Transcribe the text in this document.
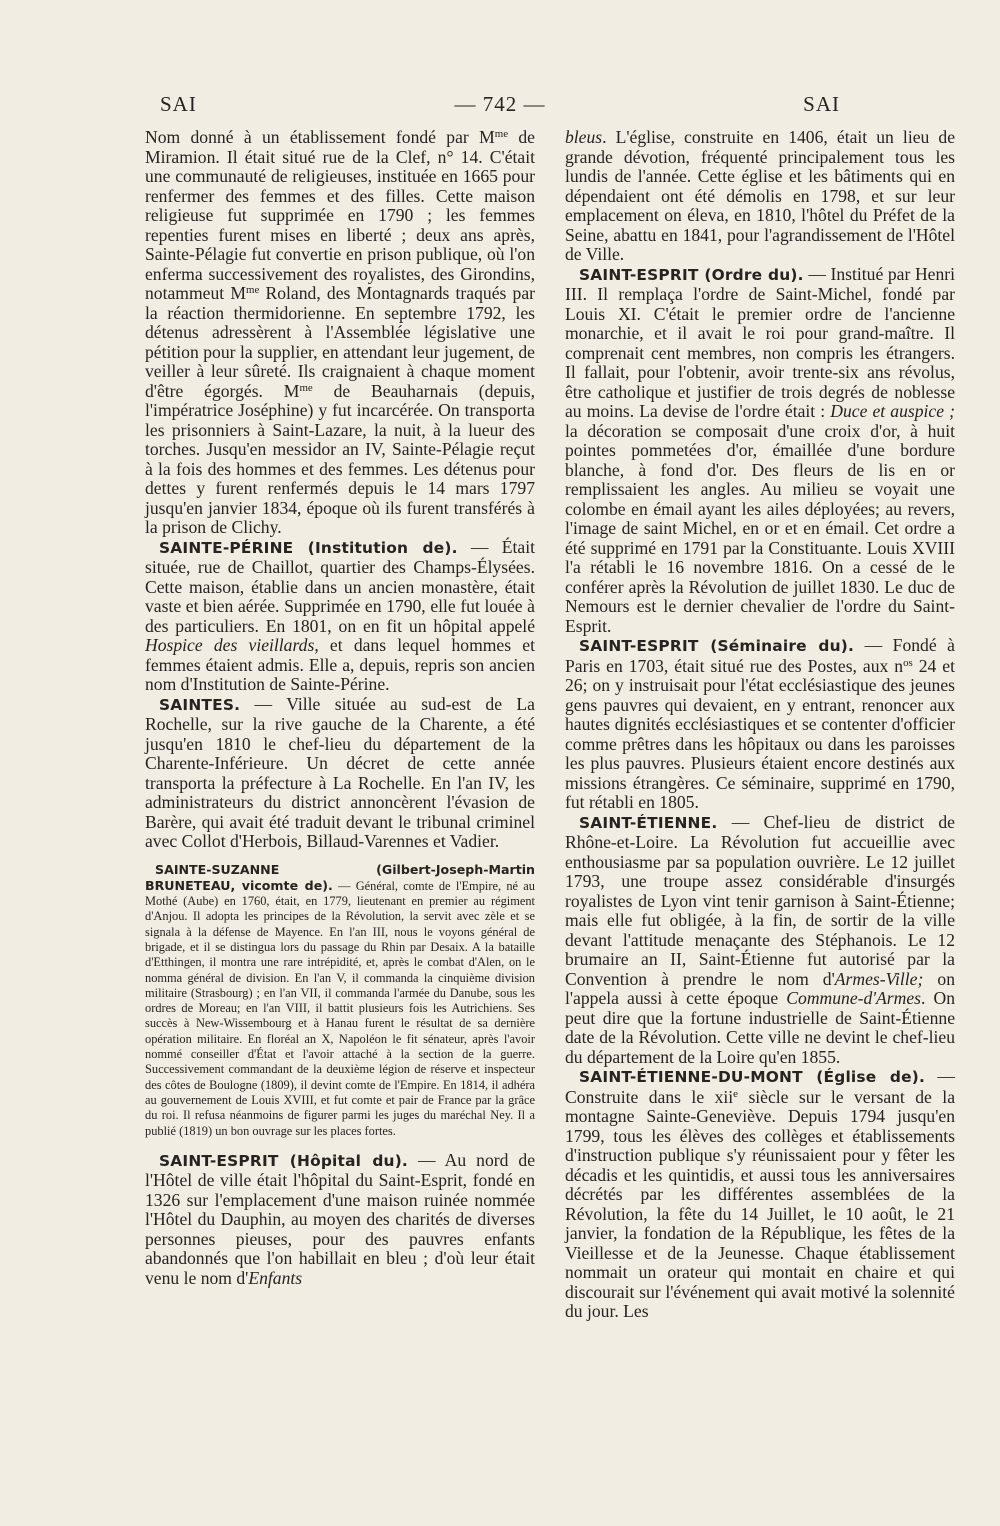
SAI	— 742 —	SAI

Nom donné à un établissement fondé par $M^{me}$ de Miramion. Il était situé rue de la Clef, n° 14. C'était une communauté de religieuses, instituée en 1665 pour renfermer des femmes et des filles. Cette maison religieuse fut supprimée en 1790 ; les femmes repenties furent mises en liberté ; deux ans après, Sainte-Pélagie fut convertie en prison publique, où l'on enferma successivement des royalistes, des Girondins, notammeut $M^{me}$ Roland, des Montagnards traqués par la réaction thermidorienne. En septembre 1792, les détenus adressèrent à l'Assemblée législative une pétition pour la supplier, en attendant leur jugement, de veiller à leur sûreté. Ils craignaient à chaque moment d'être égorgés. $M^{me}$ de Beauharnais (depuis, l'impératrice Joséphine) y fut incarcérée. On transporta les prisonniers à Saint-Lazare, la nuit, à la lueur des torches. Jusqu'en messidor an IV, Sainte-Pélagie reçut à la fois des hommes et des femmes. Les détenus pour dettes y furent renfermés depuis le 14 mars 1797 jusqu'en janvier 1834, époque où ils furent transférés à la prison de Clichy.

SAINTE-PÉRINE (Institution de). — Était située, rue de Chaillot, quartier des Champs-Élysées. Cette maison, établie dans un ancien monastère, était vaste et bien aérée. Supprimée en 1790, elle fut louée à des particuliers. En 1801, on en fit un hôpital appelé Hospice des vieillards, et dans lequel hommes et femmes étaient admis. Elle a, depuis, repris son ancien nom d'Institution de Sainte-Périne.

SAINTES. — Ville située au sud-est de La Rochelle, sur la rive gauche de la Charente, a été jusqu'en 1810 le chef-lieu du département de la Charente-Inférieure. Un décret de cette année transporta la préfecture à La Rochelle. En l'an IV, les administrateurs du district annoncèrent l'évasion de Barère, qui avait été traduit devant le tribunal criminel avec Collot d'Herbois, Billaud-Varennes et Vadier.

SAINTE-SUZANNE (Gilbert-Joseph-Martin BRUNETEAU, vicomte de). — Général, comte de l'Empire, né au Mothé (Aube) en 1760, était, en 1779, lieutenant en premier au régiment d'Anjou. Il adopta les principes de la Révolution, la servit avec zèle et se signala à la défense de Mayence. En l'an III, nous le voyons général de brigade, et il se distingua lors du passage du Rhin par Desaix. A la bataille d'Etthingen, il montra une rare intrépidité, et, après le combat d'Alen, on le nomma général de division. En l'an V, il commanda la cinquième division militaire (Strasbourg) ; en l'an VII, il commanda l'armée du Danube, sous les ordres de Moreau; en l'an VIII, il battit plusieurs fois les Autrichiens. Ses succès à New-Wissembourg et à Hanau furent le résultat de sa dernière opération militaire. En floréal an X, Napoléon le fit sénateur, après l'avoir nommé conseiller d'État et l'avoir attaché à la section de la guerre. Successivement commandant de la deuxième légion de réserve et inspecteur des côtes de Boulogne (1809), il devint comte de l'Empire. En 1814, il adhéra au gouvernement de Louis XVIII, et fut comte et pair de France par la grâce du roi. Il refusa néanmoins de figurer parmi les juges du maréchal Ney. Il a publié (1819) un bon ouvrage sur les places fortes.

SAINT-ESPRIT (Hôpital du). — Au nord de l'Hôtel de ville était l'hôpital du Saint-Esprit, fondé en 1326 sur l'emplacement d'une maison ruinée nommée l'Hôtel du Dauphin, au moyen des charités de diverses personnes pieuses, pour des pauvres enfants abandonnés que l'on habillait en bleu ; d'où leur était venu le nom d'Enfants

bleus. L'église, construite en 1406, était un lieu de grande dévotion, fréquenté principalement tous les lundis de l'année. Cette église et les bâtiments qui en dépendaient ont été démolis en 1798, et sur leur emplacement on éleva, en 1810, l'hôtel du Préfet de la Seine, abattu en 1841, pour l'agrandissement de l'Hôtel de Ville.

SAINT-ESPRIT (Ordre du). — Institué par Henri III. Il remplaça l'ordre de Saint-Michel, fondé par Louis XI. C'était le premier ordre de l'ancienne monarchie, et il avait le roi pour grand-maître. Il comprenait cent membres, non compris les étrangers. Il fallait, pour l'obtenir, avoir trente-six ans révolus, être catholique et justifier de trois degrés de noblesse au moins. La devise de l'ordre était : Duce et auspice ; la décoration se composait d'une croix d'or, à huit pointes pommetées d'or, émaillée d'une bordure blanche, à fond d'or. Des fleurs de lis en or remplissaient les angles. Au milieu se voyait une colombe en émail ayant les ailes déployées; au revers, l'image de saint Michel, en or et en émail. Cet ordre a été supprimé en 1791 par la Constituante. Louis XVIII l'a rétabli le 16 novembre 1816. On a cessé de le conférer après la Révolution de juillet 1830. Le duc de Nemours est le dernier chevalier de l'ordre du Saint-Esprit.

SAINT-ESPRIT (Séminaire du). — Fondé à Paris en 1703, était situé rue des Postes, aux $n^{os}$ 24 et 26; on y instruisait pour l'état ecclésiastique des jeunes gens pauvres qui devaient, en y entrant, renoncer aux hautes dignités ecclésiastiques et se contenter d'officier comme prêtres dans les hôpitaux ou dans les paroisses les plus pauvres. Plusieurs étaient encore destinés aux missions étrangères. Ce séminaire, supprimé en 1790, fut rétabli en 1805.

SAINT-ÉTIENNE. — Chef-lieu de district de Rhône-et-Loire. La Révolution fut accueillie avec enthousiasme par sa population ouvrière. Le 12 juillet 1793, une troupe assez considérable d'insurgés royalistes de Lyon vint tenir garnison à Saint-Étienne; mais elle fut obligée, à la fin, de sortir de la ville devant l'attitude menaçante des Stéphanois. Le 12 brumaire an II, Saint-Étienne fut autorisé par la Convention à prendre le nom d'Armes-Ville; on l'appela aussi à cette époque Commune-d'Armes. On peut dire que la fortune industrielle de Saint-Étienne date de la Révolution. Cette ville ne devint le chef-lieu du département de la Loire qu'en 1855.

SAINT-ÉTIENNE-DU-MONT (Église de). — Construite dans le xii$^e$ siècle sur le versant de la montagne Sainte-Geneviève. Depuis 1794 jusqu'en 1799, tous les élèves des collèges et établissements d'instruction publique s'y réunissaient pour y fêter les décadis et les quintidis, et aussi tous les anniversaires décrétés par les différentes assemblées de la Révolution, la fête du 14 Juillet, le 10 août, le 21 janvier, la fondation de la République, les fêtes de la Vieillesse et de la Jeunesse. Chaque établissement nommait un orateur qui montait en chaire et qui discourait sur l'événement qui avait motivé la solennité du jour. Les
